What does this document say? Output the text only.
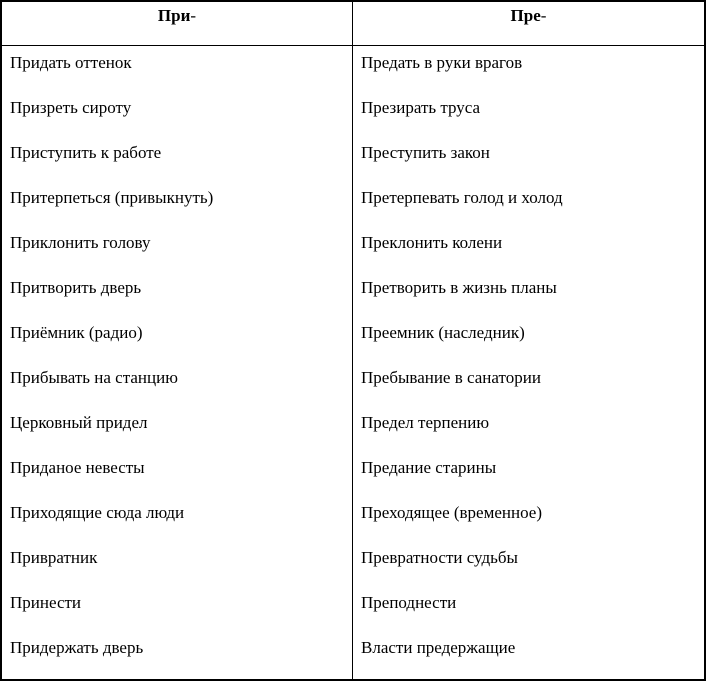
При-	Пре-
Придать оттенок
Призреть сироту
Приступить к работе
Притерпеться (привыкнуть)
Приклонить голову
Притворить дверь
Приёмник (радио)
Прибывать на станцию
Церковный придел
Приданое невесты
Приходящие сюда люди
Привратник
Принести
Придержать дверь
Предать в руки врагов
Презирать труса
Преступить закон
Претерпевать голод и холод
Преклонить колени
Претворить в жизнь планы
Преемник (наследник)
Пребывание в санатории
Предел терпению
Предание старины
Преходящее (временное)
Превратности судьбы
Преподнести
Власти предержащие
